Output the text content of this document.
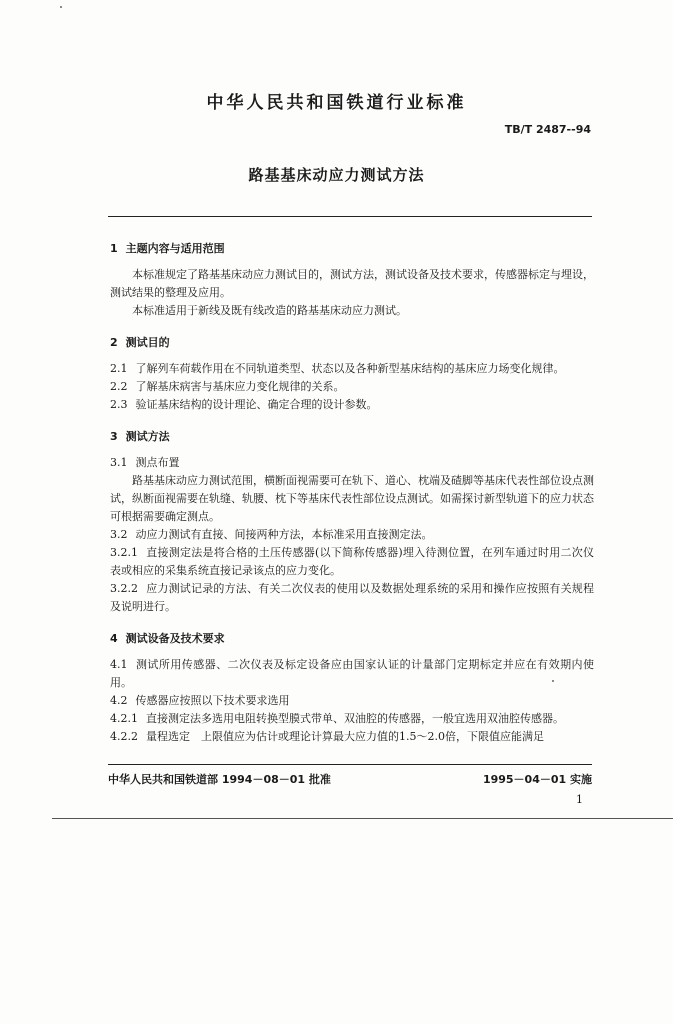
中华人民共和国铁道行业标准
TB/T 2487--94
路基基床动应力测试方法
1 主题内容与适用范围

本标准规定了路基基床动应力测试目的，测试方法，测试设备及技术要求，传感器标定与埋设，测试结果的整理及应用。

本标准适用于新线及既有线改造的路基基床动应力测试。

2 测试目的

2.1 了解列车荷载作用在不同轨道类型、状态以及各种新型基床结构的基床应力场变化规律。

2.2 了解基床病害与基床应力变化规律的关系。

2.3 验证基床结构的设计理论、确定合理的设计参数。

3 测试方法

3.1 测点布置

路基基床动应力测试范围，横断面视需要可在轨下、道心、枕端及碴脚等基床代表性部位设点测试，纵断面视需要在轨缝、轨腰、枕下等基床代表性部位设点测试。如需探讨新型轨道下的应力状态可根据需要确定测点。

3.2 动应力测试有直接、间接两种方法，本标准采用直接测定法。

3.2.1 直接测定法是将合格的土压传感器(以下简称传感器)埋入待测位置，在列车通过时用二次仪表或相应的采集系统直接记录该点的应力变化。

3.2.2 应力测试记录的方法、有关二次仪表的使用以及数据处理系统的采用和操作应按照有关规程及说明进行。

4 测试设备及技术要求

4.1 测试所用传感器、二次仪表及标定设备应由国家认证的计量部门定期标定并应在有效期内使用。

4.2 传感器应按照以下技术要求选用

4.2.1 直接测定法多选用电阻转换型膜式带单、双油腔的传感器，一般宜选用双油腔传感器。

4.2.2 量程选定　上限值应为估计或理论计算最大应力值的1.5～2.0倍，下限值应能满足

中华人民共和国铁道部 1994－08－01 批准	1995－04－01 实施
1
